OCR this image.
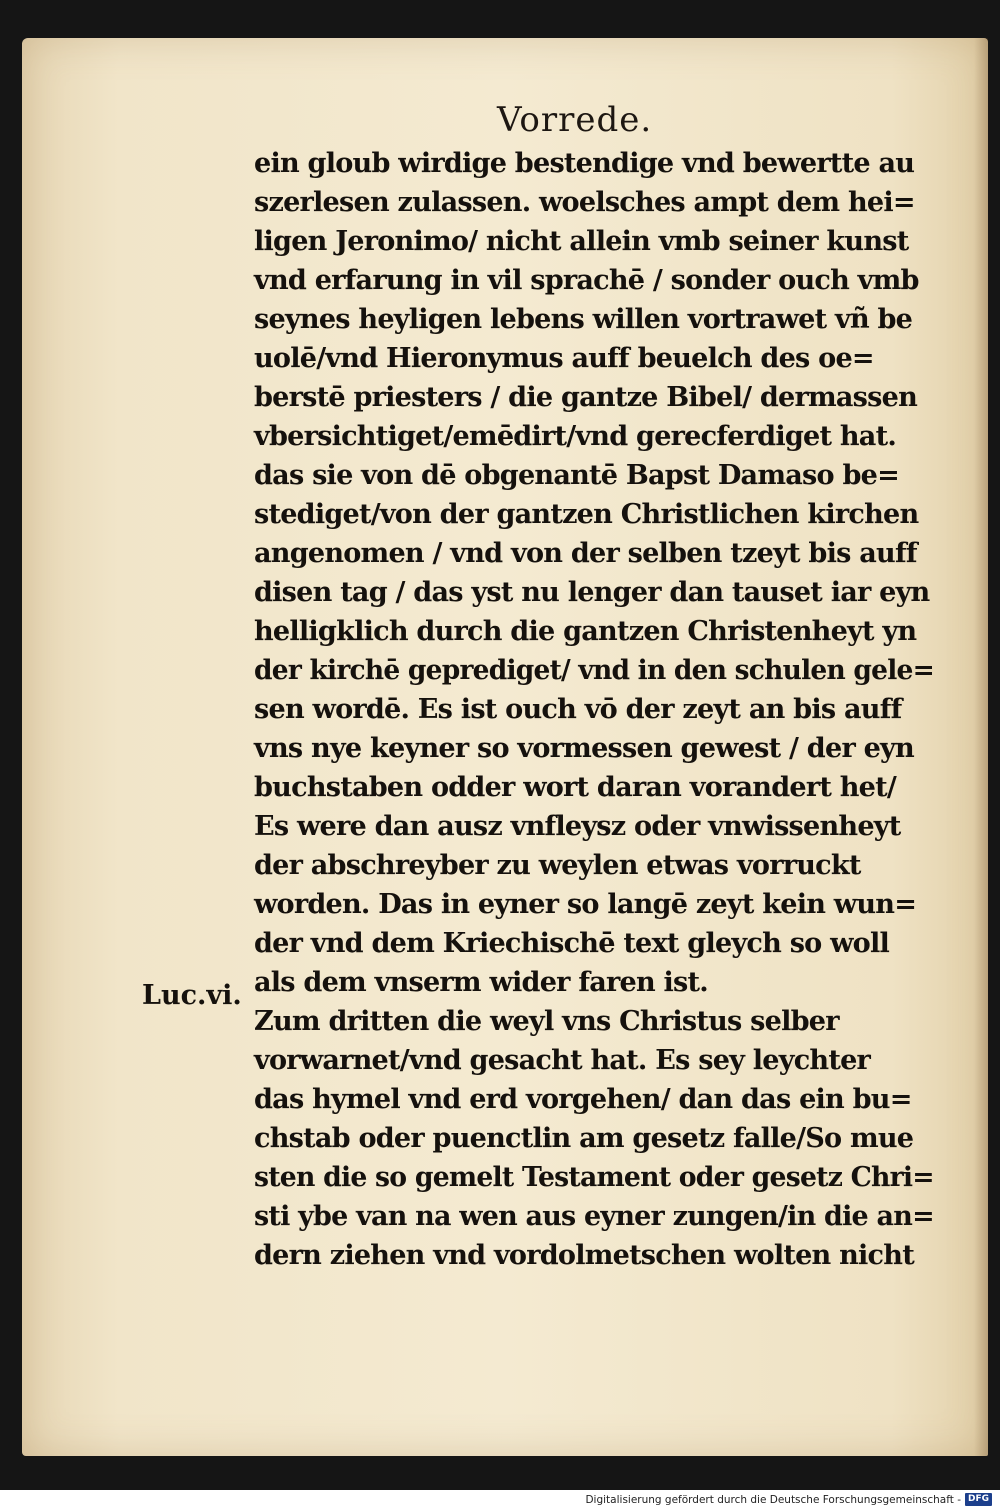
Vorrede.
Luc.vi.
ein gloub wirdige bestendige vnd bewertte au
szerlesen zulassen. woelsches ampt dem hei=
ligen Jeronimo/ nicht allein vmb seiner kunst
vnd erfarung in vil sprachē / sonder ouch vmb
seynes heyligen lebens willen vortrawet vñ be
uolē/vnd Hieronymus auff beuelch des oe=
berstē priesters / die gantze Bibel/ dermassen
vbersichtiget/emēdirt/vnd gerecferdiget hat.
das sie von dē obgenantē Bapst Damaso be=
stediget/von der gantzen Christlichen kirchen
angenomen / vnd von der selben tzeyt bis auff
disen tag / das yst nu lenger dan tauset iar eyn
helligklich durch die gantzen Christenheyt yn
der kirchē geprediget/ vnd in den schulen gele=
sen wordē. Es ist ouch vō der zeyt an bis auff
vns nye keyner so vormessen gewest / der eyn
buchstaben odder wort daran vorandert het/
Es were dan ausz vnfleysz oder vnwissenheyt
der abschreyber zu weylen etwas vorruckt
worden. Das in eyner so langē zeyt kein wun=
der vnd dem Kriechischē text gleych so woll
als dem vnserm wider faren ist.
Zum dritten die weyl vns Christus selber
vorwarnet/vnd gesacht hat. Es sey leychter
das hymel vnd erd vorgehen/ dan das ein bu=
chstab oder puenctlin am gesetz falle/So mue
sten die so gemelt Testament oder gesetz Chri=
sti ybe van na wen aus eyner zungen/in die an=
dern ziehen vnd vordolmetschen wolten nicht
Digitalisierung gefördert durch die Deutsche Forschungsgemeinschaft - DFG
